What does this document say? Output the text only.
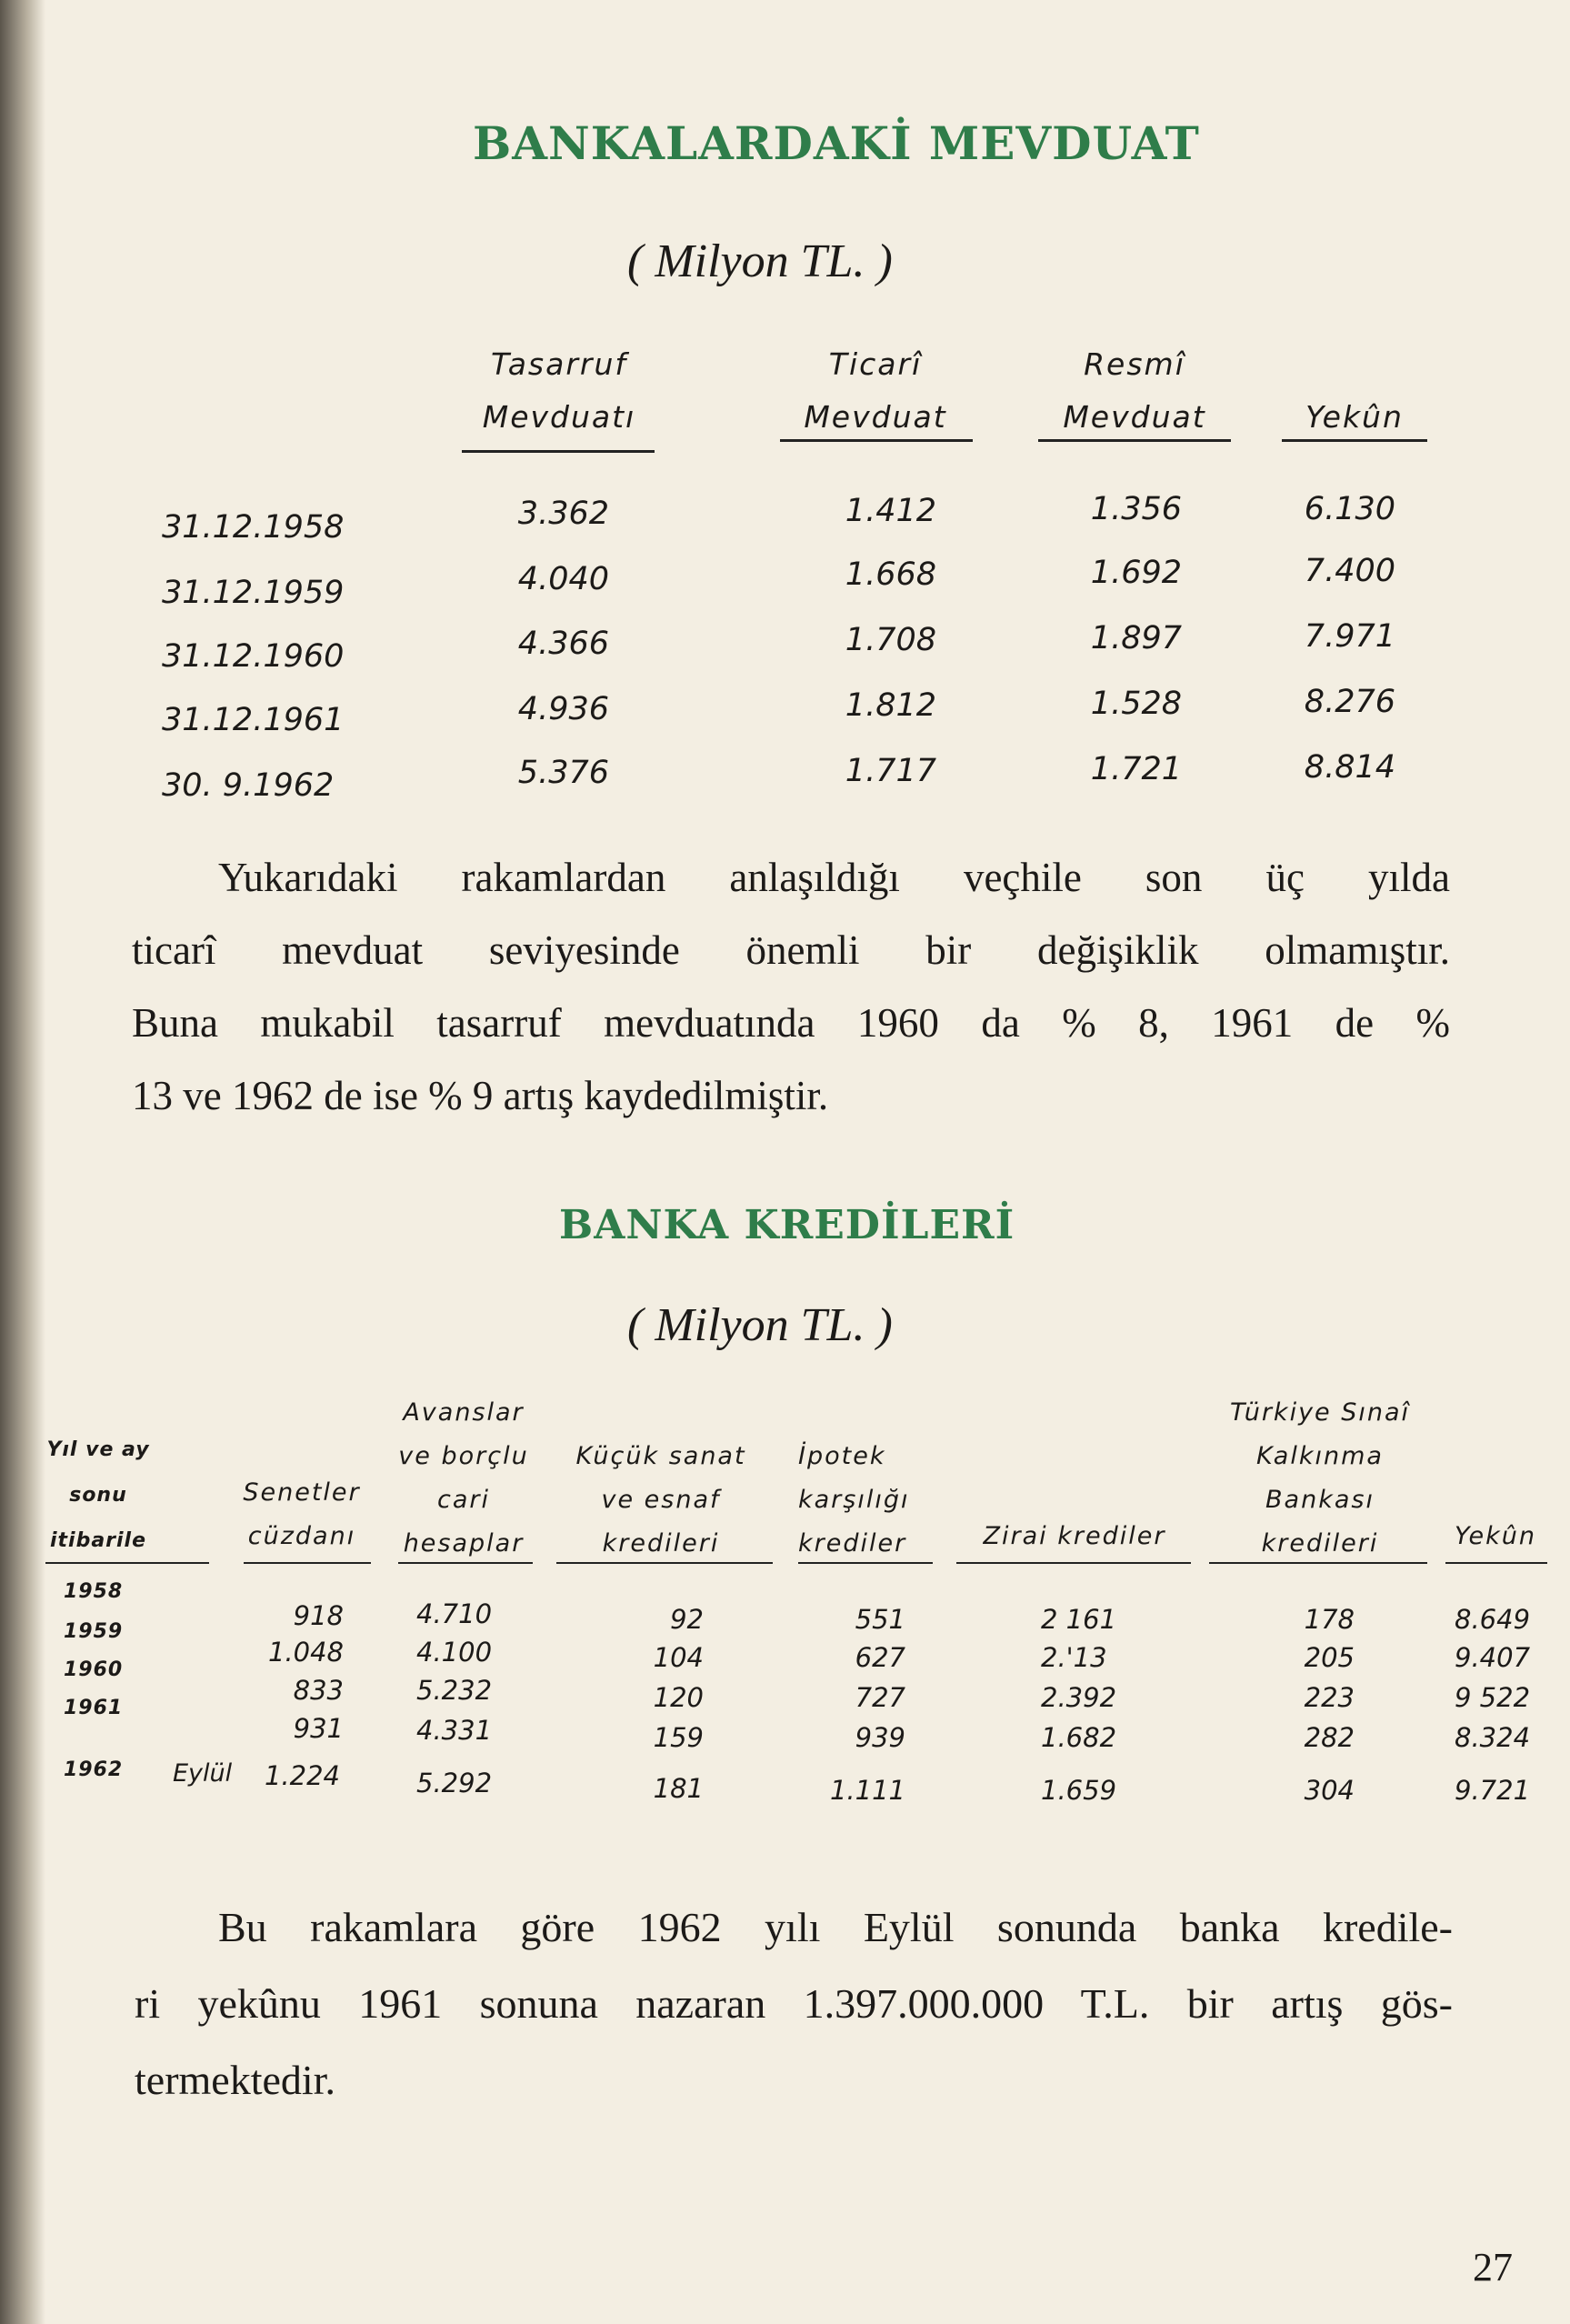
BANKALARDAKİ MEVDUAT
( Milyon TL. )
Tasarruf
Mevduatı
Ticarî
Mevduat
Resmî
Mevduat
	Yekûn
31.12.1958	3.362	1.412	1.356	6.130
31.12.1959	4.040	1.668	1.692	7.400
31.12.1960	4.366	1.708	1.897	7.971
31.12.1961	4.936	1.812	1.528	8.276
30. 9.1962	5.376	1.717	1.721	8.814
Yukarıdaki rakamlardan anlaşıldığı veçhile son üç yılda
ticarî mevduat seviyesinde önemli bir değişiklik olmamıştır.
Buna mukabil tasarruf mevduatında 1960 da % 8, 1961 de %
13 ve 1962 de ise % 9 artış kaydedilmiştir.
BANKA KREDİLERİ
( Milyon TL. )
Yıl ve ay
sonu
itibarile
Senetler
cüzdanı
Avanslar
ve borçlu
cari
hesaplar
Küçük sanat
ve esnaf
kredileri
İpotek
karşılığı
krediler	Zirai krediler
Türkiye Sınaî
Kalkınma
Bankası
kredileri	Yekûn
1958
918	4.710	92	551	2 161	178	8.649
1959
1.048	4.100	104	627	2.'13	205	9.407
1960
833	5.232	120	727	2.392	223	9 522
1961
931	4.331	159	939	1.682	282	8.324
1962 Eylül	1.224	5.292	181	1.111	1.659	304	9.721
Bu rakamlara göre 1962 yılı Eylül sonunda banka kredile-
ri yekûnu 1961 sonuna nazaran 1.397.000.000 T.L. bir artış gös-
termektedir.
27
